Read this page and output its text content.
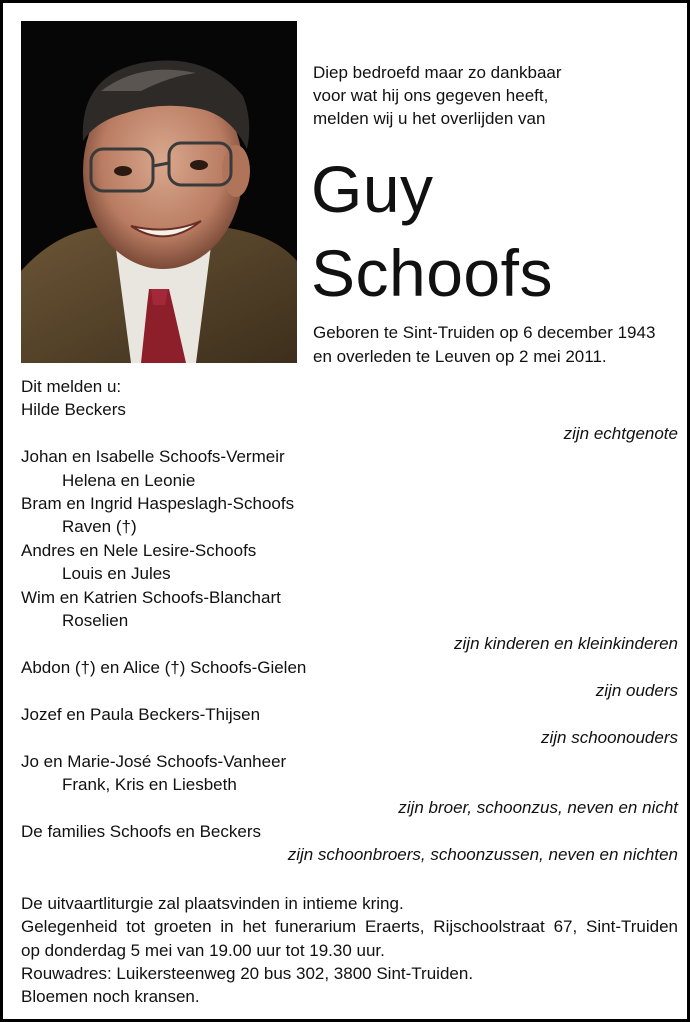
Diep bedroefd maar zo dankbaar
voor wat hij ons gegeven heeft,
melden wij u het overlijden van
Guy
Schoofs
Geboren te Sint-Truiden op 6 december 1943
en overleden te Leuven op 2 mei 2011.
Dit melden u:
Hilde Beckers
zijn echtgenote
Johan en Isabelle Schoofs-Vermeir
Helena en Leonie
Bram en Ingrid Haspeslagh-Schoofs
Raven (†)
Andres en Nele Lesire-Schoofs
Louis en Jules
Wim en Katrien Schoofs-Blanchart
Roselien
zijn kinderen en kleinkinderen
Abdon (†) en Alice (†) Schoofs-Gielen
zijn ouders
Jozef en Paula Beckers-Thijsen
zijn schoonouders
Jo en Marie-José Schoofs-Vanheer
Frank, Kris en Liesbeth
zijn broer, schoonzus, neven en nicht
De families Schoofs en Beckers
zijn schoonbroers, schoonzussen, neven en nichten
De uitvaartliturgie zal plaatsvinden in intieme kring.
Gelegenheid tot groeten in het funerarium Eraerts, Rijschoolstraat 67, Sint-Truiden
op donderdag 5 mei van 19.00 uur tot 19.30 uur.
Rouwadres: Luikersteenweg 20 bus 302, 3800 Sint-Truiden.
Bloemen noch kransen.
